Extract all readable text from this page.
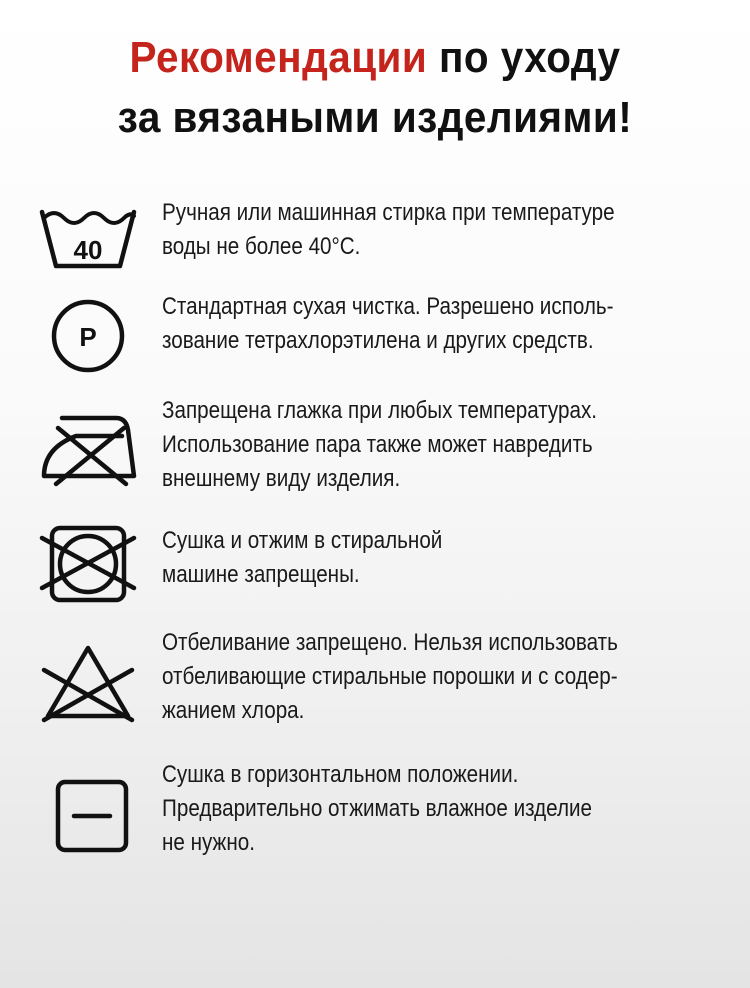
Рекомендации по уходу
за вязаными изделиями!
40
Ручная или машинная стирка при температуре
воды не более 40°С.
P
Стандартная сухая чистка. Разрешено исполь-
зование тетрахлорэтилена и других средств.
Запрещена глажка при любых температурах.
Использование пара также может навредить
внешнему виду изделия.
Сушка и отжим в стиральной
машине запрещены.
Отбеливание запрещено. Нельзя использовать
отбеливающие стиральные порошки и с содер-
жанием хлора.
Сушка в горизонтальном положении.
Предварительно отжимать влажное изделие
не нужно.
